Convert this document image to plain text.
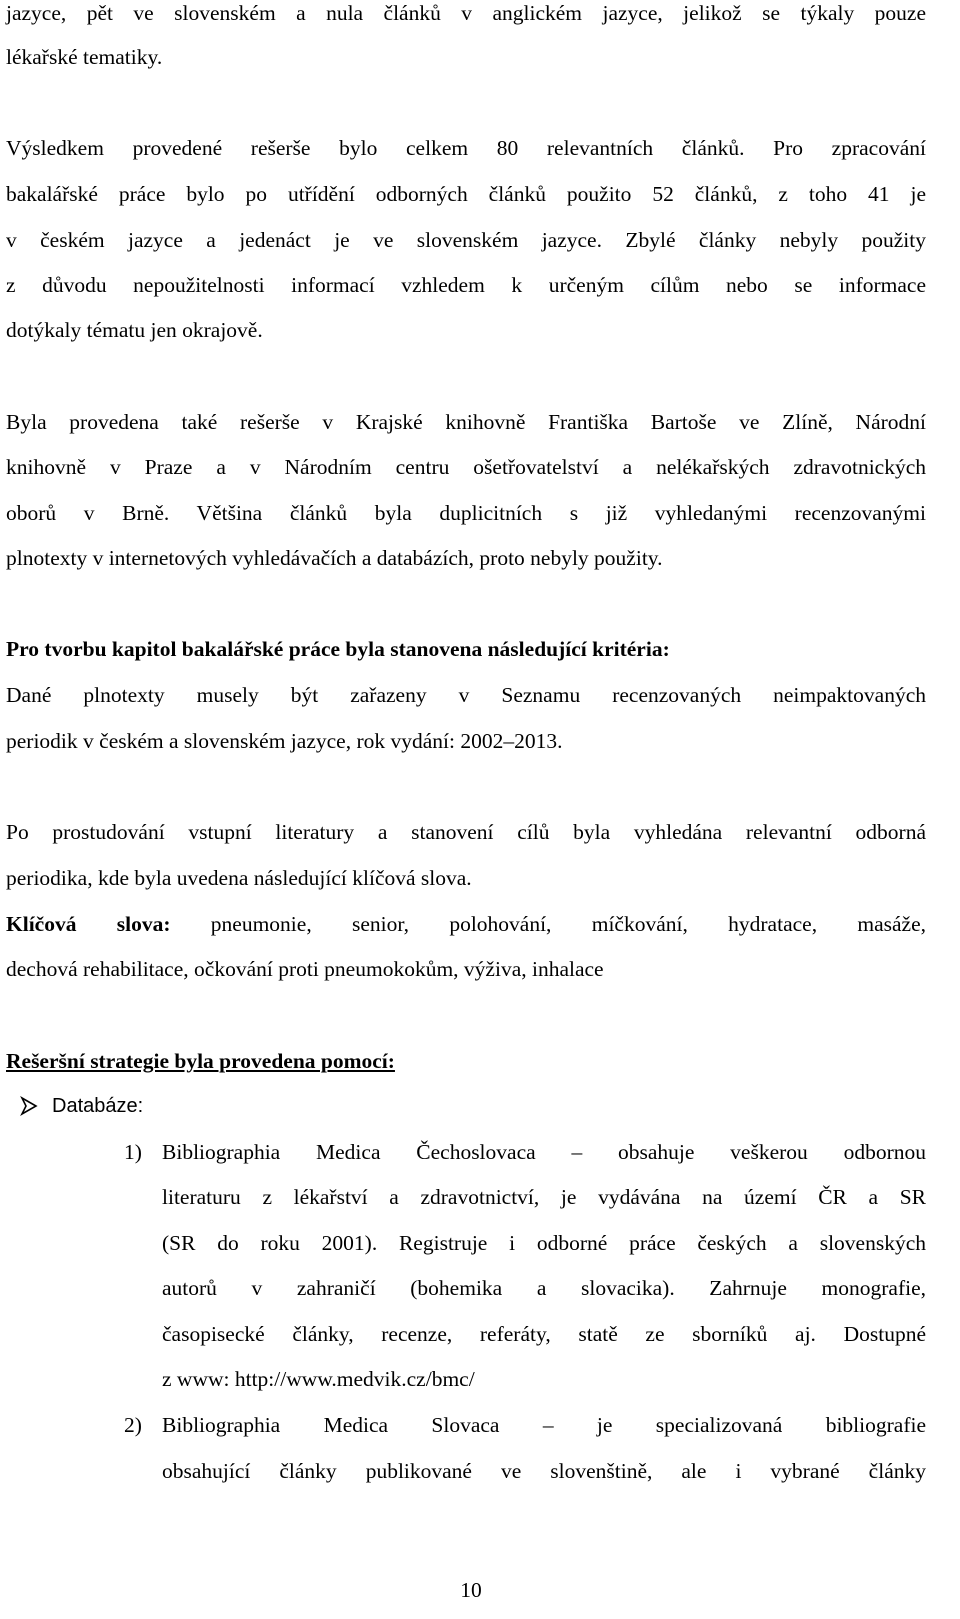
jazyce, pět ve slovenském a nula článků v anglickém jazyce, jelikož se týkaly pouze
lékařské tematiky.
Výsledkem provedené rešerše bylo celkem 80 relevantních článků. Pro zpracování
bakalářské práce bylo po utřídění odborných článků použito 52 článků, z toho 41 je
v českém jazyce a jedenáct je ve slovenském jazyce. Zbylé články nebyly použity
z důvodu nepoužitelnosti informací vzhledem k určeným cílům nebo se informace
dotýkaly tématu jen okrajově.
Byla provedena také rešerše v Krajské knihovně Františka Bartoše ve Zlíně, Národní
knihovně v Praze a v Národním centru ošetřovatelství a nelékařských zdravotnických
oborů v Brně. Většina článků byla duplicitních s již vyhledanými recenzovanými
plnotexty v internetových vyhledávačích a databázích, proto nebyly použity.
Pro tvorbu kapitol bakalářské práce byla stanovena následující kritéria:
Dané plnotexty musely být zařazeny v Seznamu recenzovaných neimpaktovaných
periodik v českém a slovenském jazyce, rok vydání: 2002–2013.
Po prostudování vstupní literatury a stanovení cílů byla vyhledána relevantní odborná
periodika, kde byla uvedena následující klíčová slova.
Klíčová slova: pneumonie, senior, polohování, míčkování, hydratace, masáže,
dechová rehabilitace, očkování proti pneumokokům, výživa, inhalace
Rešeršní strategie byla provedena pomocí:
Databáze:
1) Bibliographia Medica Čechoslovaca – obsahuje veškerou odbornou
literaturu z lékařství a zdravotnictví, je vydávána na území ČR a SR
(SR do roku 2001). Registruje i odborné práce českých a slovenských
autorů v zahraničí (bohemika a slovacika). Zahrnuje monografie,
časopisecké články, recenze, referáty, statě ze sborníků aj. Dostupné
z www: http://www.medvik.cz/bmc/
2) Bibliographia Medica Slovaca – je specializovaná bibliografie
obsahující články publikované ve slovenštině, ale i vybrané články
10
